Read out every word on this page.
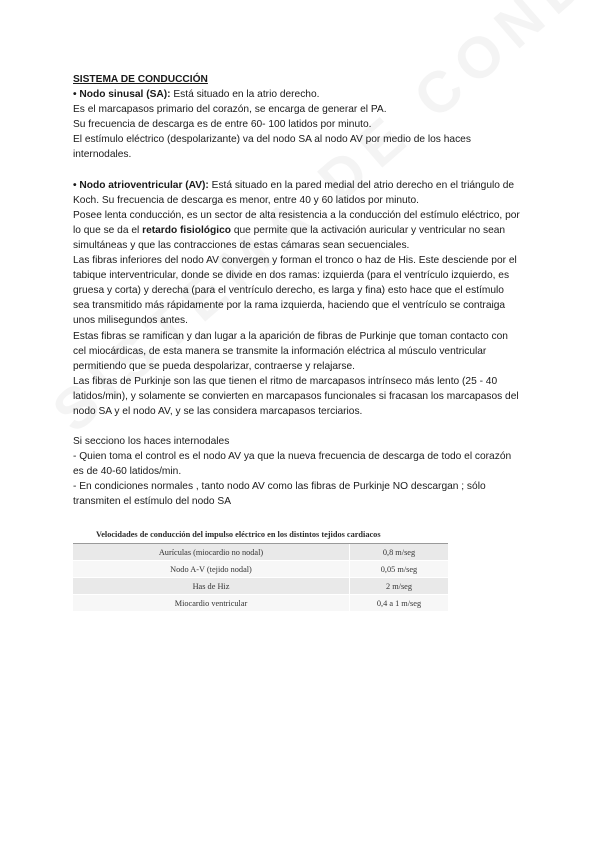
SISTEMA DE CONDUCCIÓN

• Nodo sinusal (SA): Está situado en la atrio derecho.

Es el marcapasos primario del corazón, se encarga de generar el PA.

Su frecuencia de descarga es de entre 60- 100 latidos por minuto.

El estímulo eléctrico (despolarizante) va del nodo SA al nodo AV por medio de los haces internodales.

• Nodo atrioventricular (AV): Está situado en la pared medial del atrio derecho en el triángulo de Koch. Su frecuencia de descarga es menor, entre 40 y 60 latidos por minuto.

Posee lenta conducción, es un sector de alta resistencia a la conducción del estímulo eléctrico, por lo que se da el retardo fisiológico que permite que la activación auricular y ventricular no sean simultáneas y que las contracciones de estas cámaras sean secuenciales.

Las fibras inferiores del nodo AV convergen y forman el tronco o haz de His. Este desciende por el tabique interventricular, donde se divide en dos ramas: izquierda (para el ventrículo izquierdo, es gruesa y corta) y derecha (para el ventrículo derecho, es larga y fina) esto hace que el estímulo sea transmitido más rápidamente por la rama izquierda, haciendo que el ventrículo se contraiga unos milisegundos antes.

Estas fibras se ramifican y dan lugar a la aparición de fibras de Purkinje que toman contacto con cel miocárdicas, de esta manera se transmite la información eléctrica al músculo ventricular permitiendo que se pueda despolarizar, contraerse y relajarse.

Las fibras de Purkinje son las que tienen el ritmo de marcapasos intrínseco más lento (25 - 40 latidos/min), y solamente se convierten en marcapasos funcionales si fracasan los marcapasos del nodo SA y el nodo AV, y se las considera marcapasos terciarios.

Si secciono los haces internodales

- Quien toma el control es el nodo AV ya que la nueva frecuencia de descarga de todo el corazón es de 40-60 latidos/min.

- En condiciones normales , tanto nodo AV como las fibras de Purkinje NO descargan ; sólo transmiten el estímulo del nodo SA

Velocidades de conducción del impulso eléctrico en los distintos tejidos cardiacos
Aurículas (miocardio no nodal)	0,8 m/seg
Nodo A-V (tejido nodal)	0,05 m/seg
Has de Hiz	2 m/seg
Miocardio ventricular	0,4 a 1 m/seg
